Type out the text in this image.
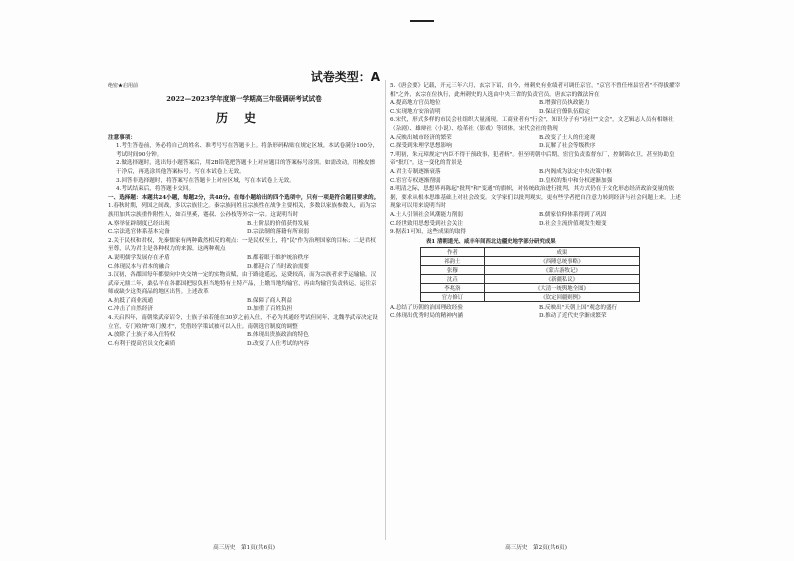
试卷类型：A
绝密★启用前
2022—2023学年度第一学期高三年级调研考试试卷
历史

注意事项：

1.考生答卷前，务必将自己的姓名、准考号写在答题卡上。将条形码粘贴在规定区域。本试卷满分100分，考试时间90分钟。

2.做选择题时，选出每小题答案后，用2B铅笔把答题卡上对应题目的答案标号涂黑。如需改动，用橡皮擦干净后，再选涂其他答案标号。写在本试卷上无效。

3.回答非选择题时，将答案写在答题卡上对应区域，写在本试卷上无效。

4.考试结束后，将答题卡交回。

一、选择题：本题共24小题，每题2分，共48分。在每小题给出的四个选项中，只有一项是符合题目要求的。

1.春秋时期，列国之间战，多以宗族往之。秦宗族同姓且宗族性在战争主要相关，多数以家族参数人，而为宗族用加其宗族重作附性人，如百里奚，蹇叔、公孙枝等外宗一宗。这说明当时

A.察举征辟制度已经出现	B.士阶层的价值获得发展
C.宗法选官体系基本完备	D.宗法制的落籍有所衰弱

2.关于民权和君权，先秦儒家有两种截然相反的观点：一是民权至上，将"民"作为治理国家的目标；二是君权至尊，认为君主是各种权力的来源。这两种观点

A.说明儒学发展存在矛盾	B.都着眼于维护统治秩序
C.体现民本与君本的融合	D.都迎合了当时政治需要

3.汉初，各郡国每年都要向中央交纳一定的实物贡赋，由于路途遥远，运费较高，而为宗族者求乎运输输。汉武帝元鼎二年，桑弘羊在各郡国把原负担当地特有土特产品，上缴当地均输官，再由均输官负责转运，运往京师或缺少这类商品的地区出售。上述改革

A.抗抵了商业流通	B.保障了商人利益
C.冲击了自然经济	D.加重了百姓负担

4.天启四年，南朝梁武帝诏令，士族子弟若能在30岁之前入仕，不必为其通经考试但同年，北魏孝武帝决定设立官，专门收纳"寒门俊才"，凭借经学策试被可以入仕。南朝选官制度的调整

A.放除了士族子弟入仕特权	B.体现出贵族政治的特色
C.有利于提高官员文化素质	D.改变了人仕考试的内容
高三历史　第1页(共6页)

5.《唐会要》记载，开元三年六月，玄宗下诏，自今，州刺史有业绩者可调任京官，"京官不曾任州县官者"不得拔擢宰相"之外，玄宗在位执行，此州刺史的人选由中央三省的负责官员。唐玄宗的做法旨在

A.提高地方官员地位	B.增强官员执政能力
C.实现地方安治清明	D.保证官僚队伍稳定

6.宋代，形式多样的市民会社组织大量涌现。工商业者有"行会"，知识分子有"诗社""文会"，文艺辑志人员有相继社（杂剧）、雄辩社（小说）、绘革社（影戏）等团体。宋代会社的勃现

A.反映出城市经济的繁荣	B.改变了士人的仕途观
C.探受到朱理学思想影响	D.瓦解了社会等级秩序

7.明初，朱元璋规定"内臣不得干预政事，犯者斩"。但至明朝中后期，宦官负责监督东厂，控制锦衣卫，甚至协助皇帝"批红"。这一变化的背景是

A.君主专制逐渐衰落	B.内阁成为法定中央决策中枢
C.宦官专权逐渐削弱	D.皇权的集中和分权逐渐加强

8.明清之际，思想界再陈起"批判"和"变通"的旗帜，对传统政治进行批判，其方式仍在于文化形态经济政治变量的依据，要求从根本思维基础上对社会改变。文学家们以批判观实，更有些学者把自注意力转到经济与社会问题上来。上述现象可以用来说明当时

A.士人引领社会风潮能力削弱	B.儒家信仰体系得到了巩固
C.经世致用思想受到社会关注	D.社会主流价值观发生嬗变

9.据表1可知，这些成果的取得

表1 清朝道光、咸丰年间西北边疆史地学部分研究成果
作者	成果
祁韵士	《西陲总统事略》
张穆	《蒙古游牧记》
沈垚	《新疆私议》
李兆洛	《大清一统舆地全图》
官方修订	《钦定回疆则例》
A.总结了历朝的治国理政经验	B.反映出"天朝上国"观念的盛行
C.体现出优秀时局的精神内涵	D.推动了近代史学渐成繁荣
高三历史　第2页(共6页)
